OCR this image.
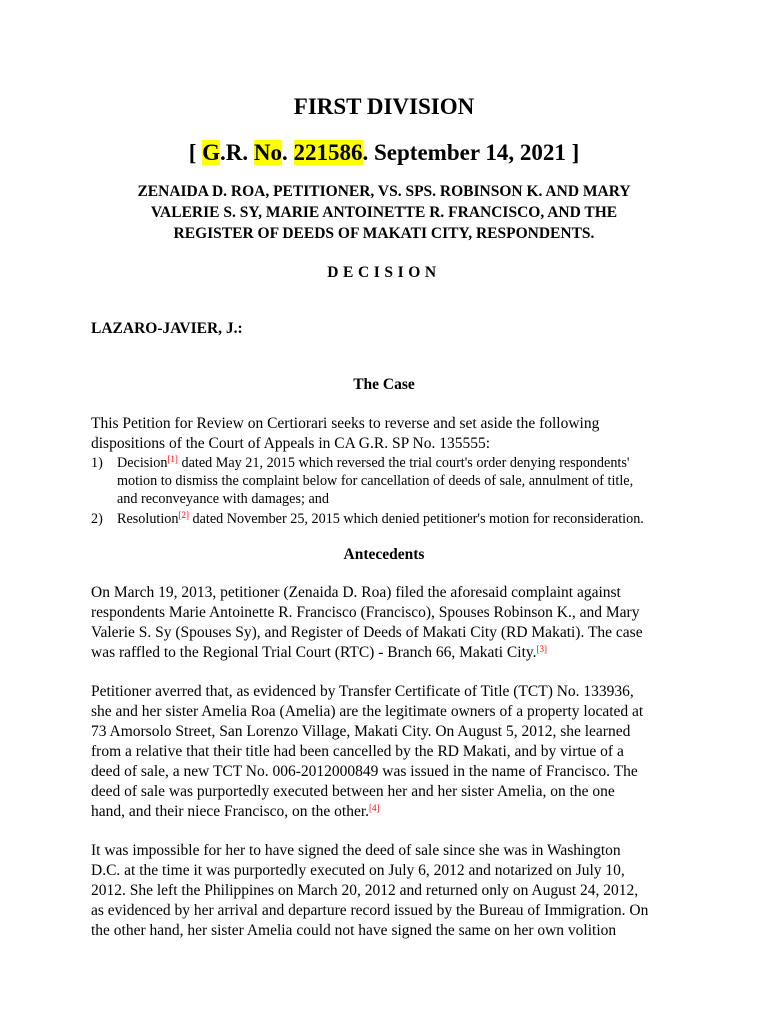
FIRST DIVISION
[ G.R. No. 221586. September 14, 2021 ]
ZENAIDA D. ROA, PETITIONER, VS. SPS. ROBINSON K. AND MARY
VALERIE S. SY, MARIE ANTOINETTE R. FRANCISCO, AND THE
REGISTER OF DEEDS OF MAKATI CITY, RESPONDENTS.
DECISION
LAZARO-JAVIER, J.:
The Case
This Petition for Review on Certiorari seeks to reverse and set aside the following
dispositions of the Court of Appeals in CA G.R. SP No. 135555:
1) Decision[1] dated May 21, 2015 which reversed the trial court's order denying respondents'
motion to dismiss the complaint below for cancellation of deeds of sale, annulment of title,
and reconveyance with damages; and
2) Resolution[2] dated November 25, 2015 which denied petitioner's motion for reconsideration.
Antecedents
On March 19, 2013, petitioner (Zenaida D. Roa) filed the aforesaid complaint against
respondents Marie Antoinette R. Francisco (Francisco), Spouses Robinson K., and Mary
Valerie S. Sy (Spouses Sy), and Register of Deeds of Makati City (RD Makati). The case
was raffled to the Regional Trial Court (RTC) - Branch 66, Makati City.[3]
Petitioner averred that, as evidenced by Transfer Certificate of Title (TCT) No. 133936,
she and her sister Amelia Roa (Amelia) are the legitimate owners of a property located at
73 Amorsolo Street, San Lorenzo Village, Makati City. On August 5, 2012, she learned
from a relative that their title had been cancelled by the RD Makati, and by virtue of a
deed of sale, a new TCT No. 006-2012000849 was issued in the name of Francisco. The
deed of sale was purportedly executed between her and her sister Amelia, on the one
hand, and their niece Francisco, on the other.[4]
It was impossible for her to have signed the deed of sale since she was in Washington
D.C. at the time it was purportedly executed on July 6, 2012 and notarized on July 10,
2012. She left the Philippines on March 20, 2012 and returned only on August 24, 2012,
as evidenced by her arrival and departure record issued by the Bureau of Immigration. On
the other hand, her sister Amelia could not have signed the same on her own volition
